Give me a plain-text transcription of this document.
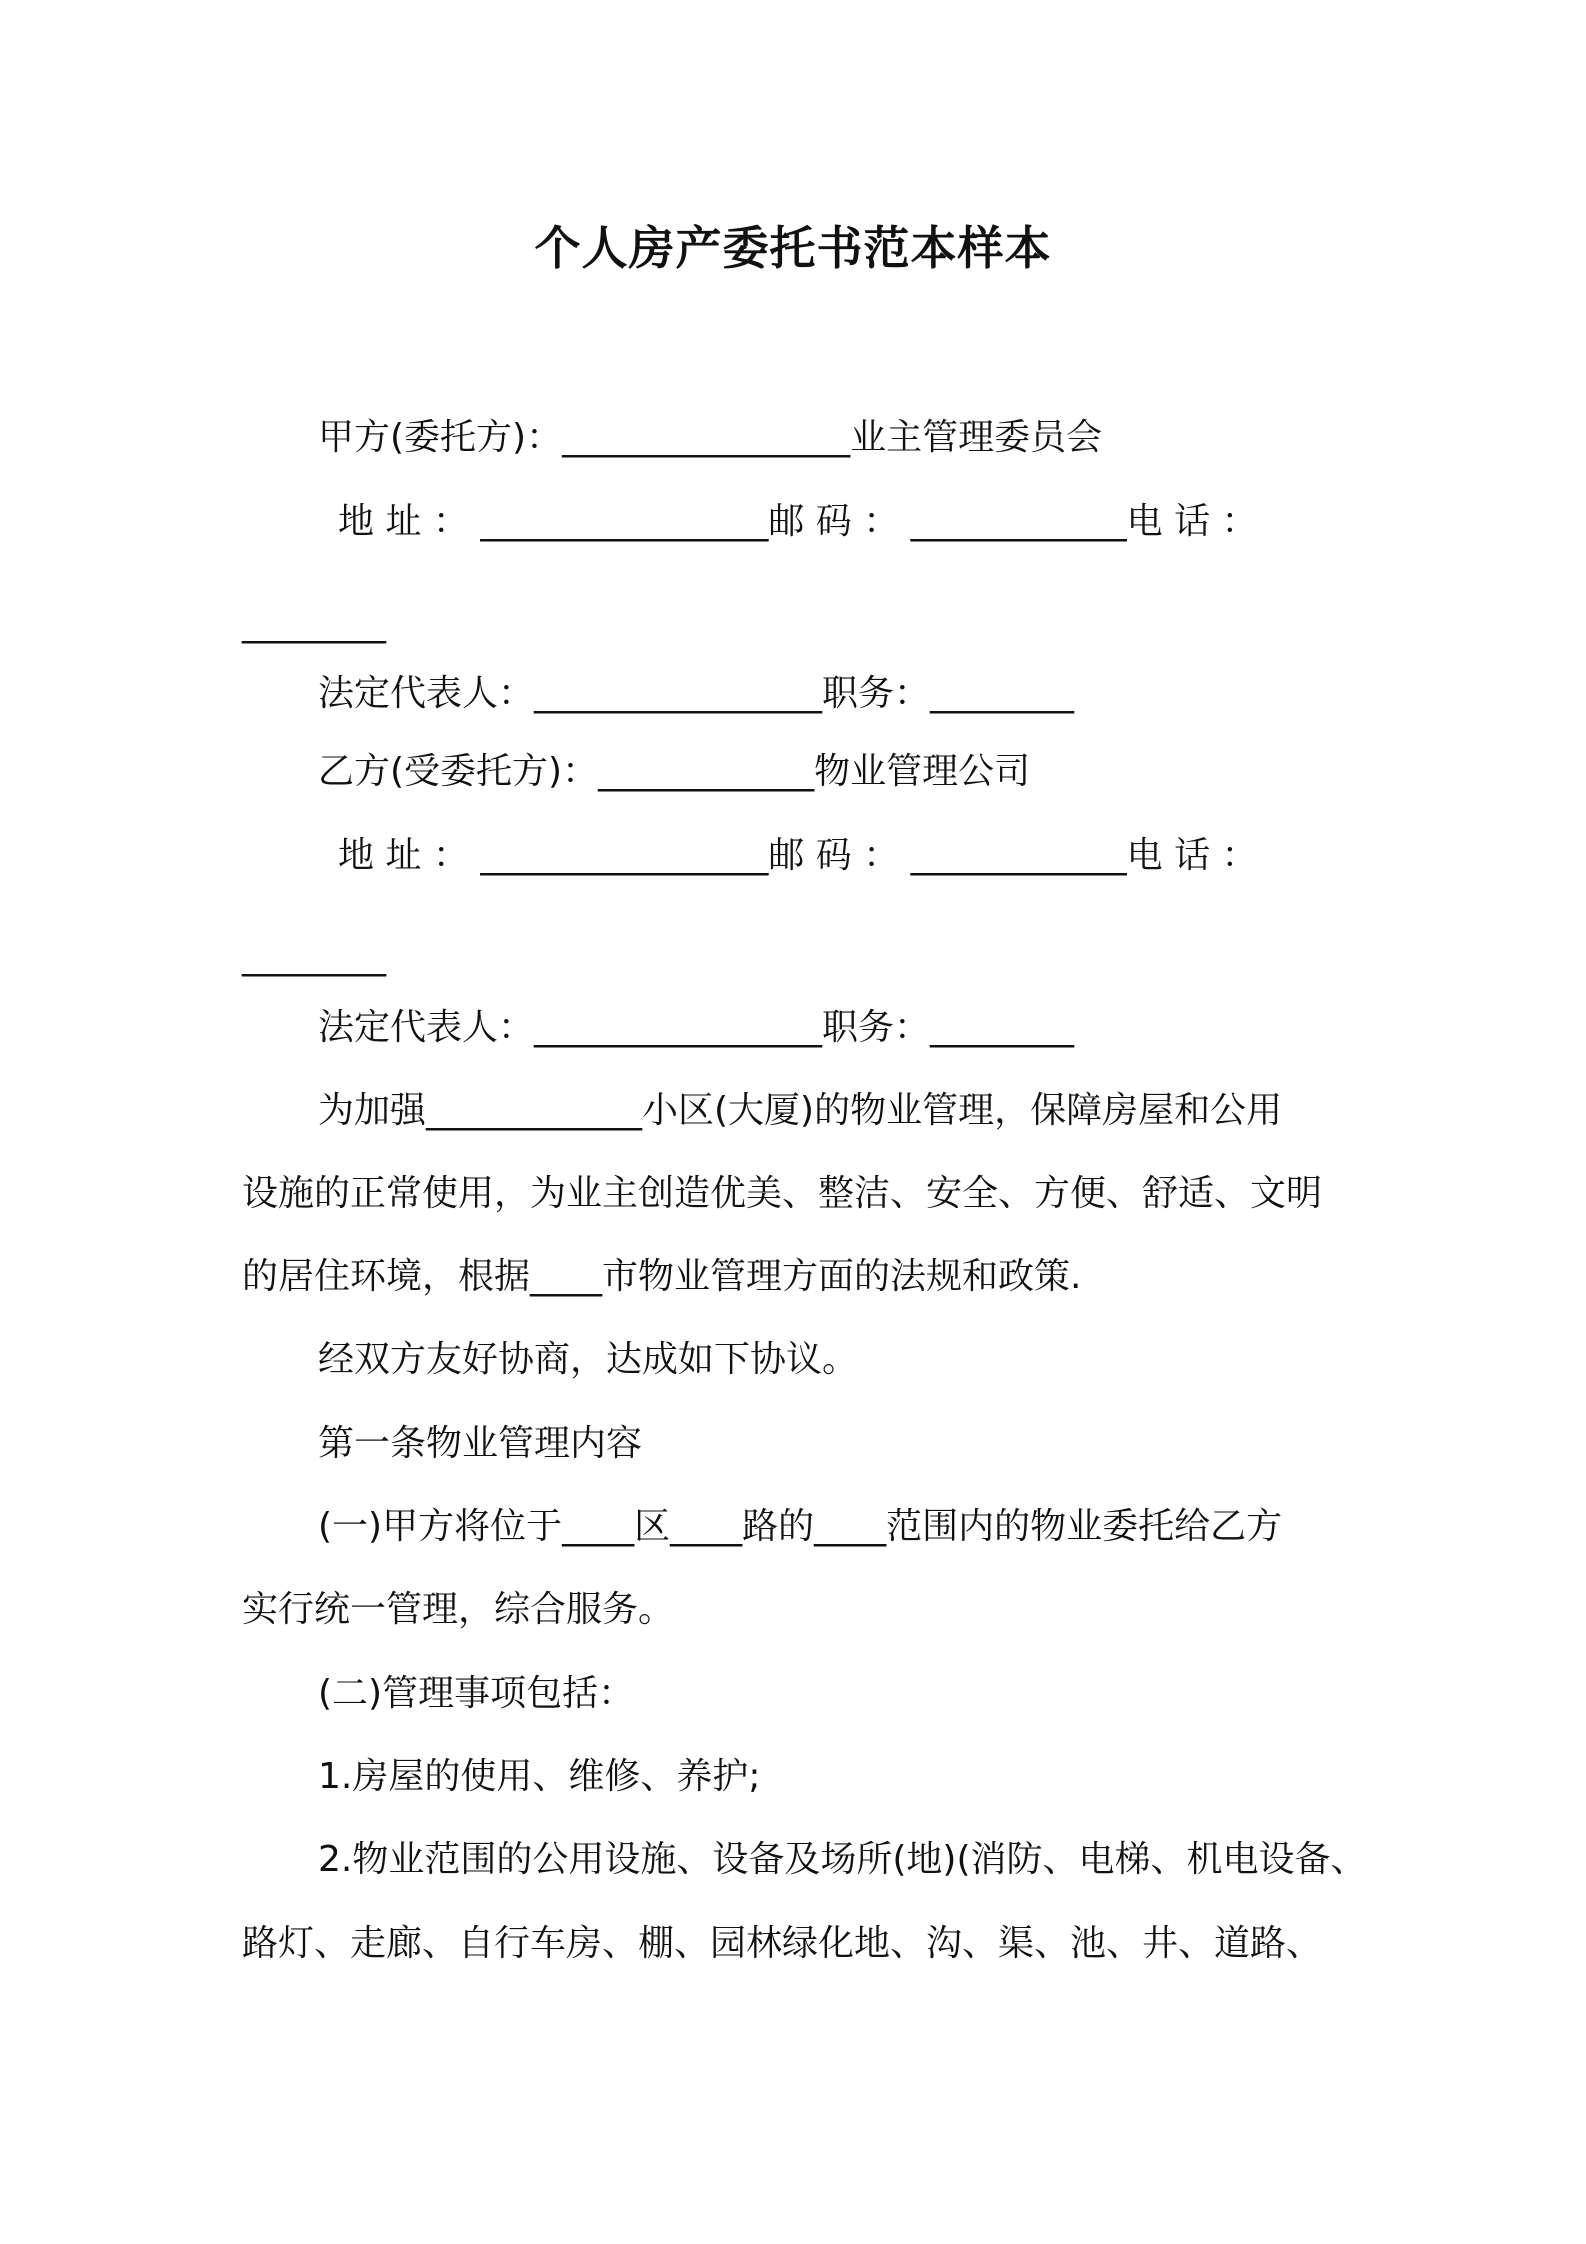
个人房产委托书范本样本
甲方(委托方)：________________业主管理委员会
地 址 ： ________________邮 码 ： ____________电 话 ：
________
法定代表人：________________职务：________
乙方(受委托方)：____________物业管理公司
地 址 ： ________________邮 码 ： ____________电 话 ：
________
法定代表人：________________职务：________
为加强____________小区(大厦)的物业管理，保障房屋和公用
设施的正常使用，为业主创造优美、整洁、安全、方便、舒适、文明
的居住环境，根据____市物业管理方面的法规和政策.
经双方友好协商，达成如下协议。
第一条物业管理内容
(一)甲方将位于____区____路的____范围内的物业委托给乙方
实行统一管理，综合服务。
(二)管理事项包括：
1.房屋的使用、维修、养护;
2.物业范围的公用设施、设备及场所(地)(消防、电梯、机电设备、
路灯、走廊、自行车房、棚、园林绿化地、沟、渠、池、井、道路、
